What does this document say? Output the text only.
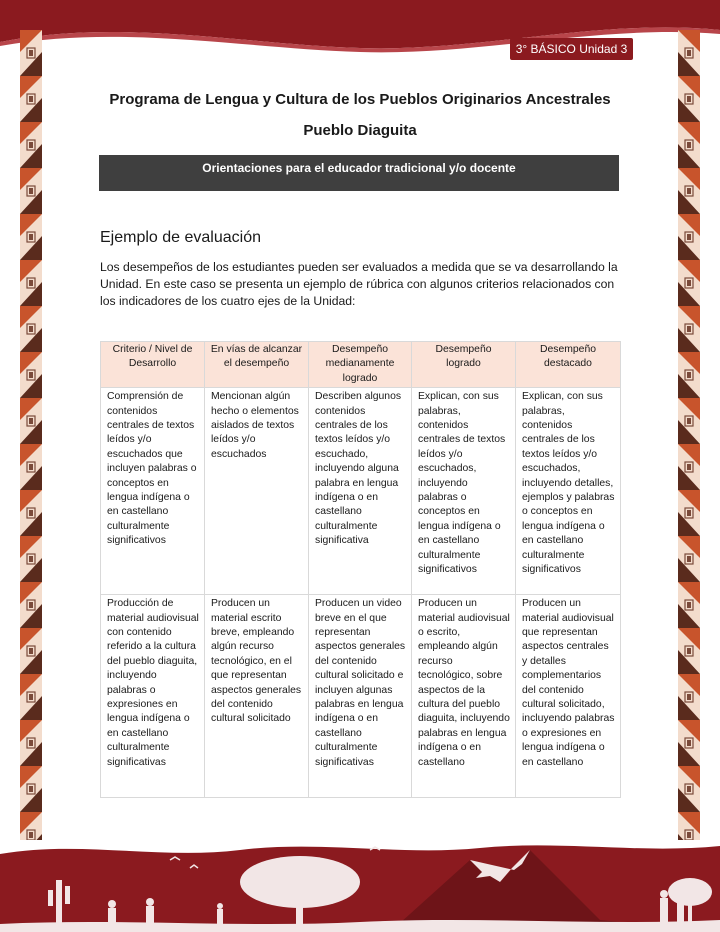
3° BÁSICO Unidad 3
Programa de Lengua y Cultura de los Pueblos Originarios Ancestrales
Pueblo Diaguita
Orientaciones para el educador tradicional y/o docente
Ejemplo de evaluación
Los desempeños de los estudiantes pueden ser evaluados a medida que se va desarrollando la Unidad. En este caso se presenta un ejemplo de rúbrica con algunos criterios relacionados con los indicadores de los cuatro ejes de la Unidad:
Criterio / Nivel de Desarrollo	En vías de alcanzar el desempeño	Desempeño medianamente logrado	Desempeño logrado	Desempeño destacado
Comprensión de contenidos centrales de textos leídos y/o escuchados que incluyen palabras o conceptos en lengua indígena o en castellano culturalmente significativos	Mencionan algún hecho o elementos aislados de textos leídos y/o escuchados	Describen algunos contenidos centrales de los textos leídos y/o escuchado, incluyendo alguna palabra en lengua indígena o en castellano culturalmente significativa	Explican, con sus palabras, contenidos centrales de textos leídos y/o escuchados, incluyendo palabras o conceptos en lengua indígena o en castellano culturalmente significativos	Explican, con sus palabras, contenidos centrales de los textos leídos y/o escuchados, incluyendo detalles, ejemplos y palabras o conceptos en lengua indígena o en castellano culturalmente significativos
Producción de material audiovisual con contenido referido a la cultura del pueblo diaguita, incluyendo palabras o expresiones en lengua indígena o en castellano culturalmente significativas	Producen un material escrito breve, empleando algún recurso tecnológico, en el que representan aspectos generales del contenido cultural solicitado	Producen un video breve en el que representan aspectos generales del contenido cultural solicitado e incluyen algunas palabras en lengua indígena o en castellano culturalmente significativas	Producen un material audiovisual o escrito, empleando algún recurso tecnológico, sobre aspectos de la cultura del pueblo diaguita, incluyendo palabras en lengua indígena o en castellano	Producen un material audiovisual que representan aspectos centrales y detalles complementarios del contenido cultural solicitado, incluyendo palabras o expresiones en lengua indígena o en castellano
